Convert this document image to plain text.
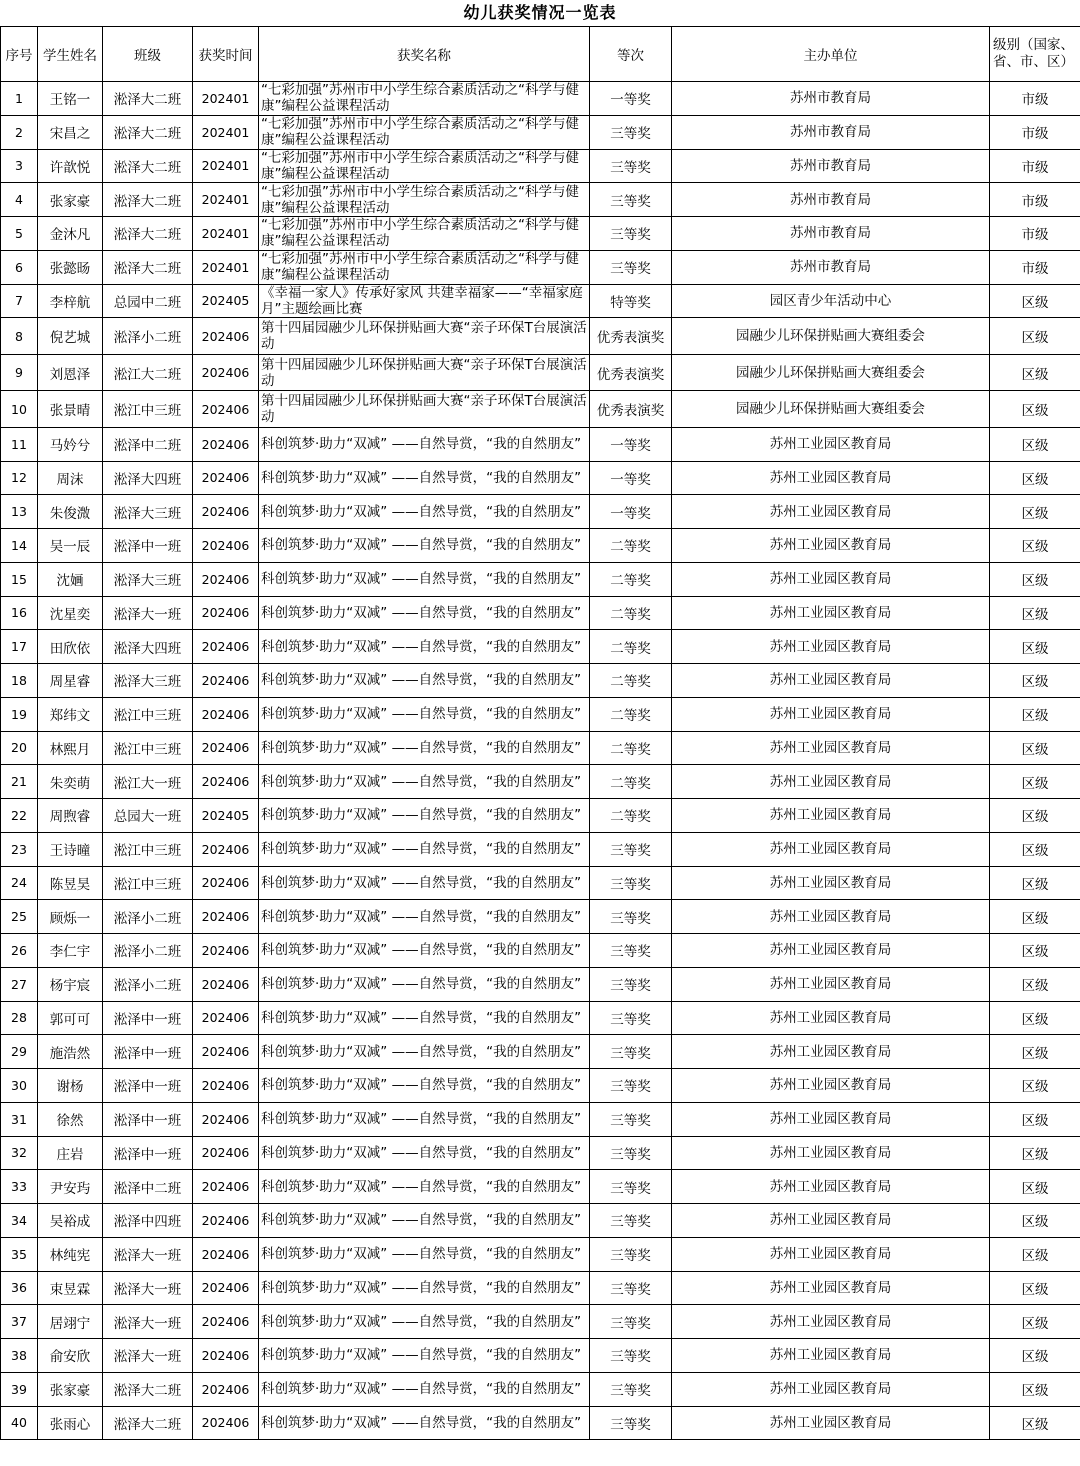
幼儿获奖情况一览表
序号	学生姓名	班级	获奖时间	获奖名称	等次	主办单位	级别（国家、省、市、区）
1	王铭一	淞泽大二班	202401	“七彩加强”苏州市中小学生综合素质活动之“科学与健康”编程公益课程活动	一等奖	苏州市教育局	市级
2	宋昌之	淞泽大二班	202401	“七彩加强”苏州市中小学生综合素质活动之“科学与健康”编程公益课程活动	三等奖	苏州市教育局	市级
3	许歆悦	淞泽大二班	202401	“七彩加强”苏州市中小学生综合素质活动之“科学与健康”编程公益课程活动	三等奖	苏州市教育局	市级
4	张家豪	淞泽大二班	202401	“七彩加强”苏州市中小学生综合素质活动之“科学与健康”编程公益课程活动	三等奖	苏州市教育局	市级
5	金沐凡	淞泽大二班	202401	“七彩加强”苏州市中小学生综合素质活动之“科学与健康”编程公益课程活动	三等奖	苏州市教育局	市级
6	张懿旸	淞泽大二班	202401	“七彩加强”苏州市中小学生综合素质活动之“科学与健康”编程公益课程活动	三等奖	苏州市教育局	市级
7	李梓航	总园中二班	202405	《幸福一家人》传承好家风 共建幸福家——“幸福家庭月”主题绘画比赛	特等奖	园区青少年活动中心	区级
8	倪艺城	淞泽小二班	202406	第十四届园融少儿环保拼贴画大赛“亲子环保T台展演活动	优秀表演奖	园融少儿环保拼贴画大赛组委会	区级
9	刘恩泽	淞江大二班	202406	第十四届园融少儿环保拼贴画大赛“亲子环保T台展演活动	优秀表演奖	园融少儿环保拼贴画大赛组委会	区级
10	张景晴	淞江中三班	202406	第十四届园融少儿环保拼贴画大赛“亲子环保T台展演活动	优秀表演奖	园融少儿环保拼贴画大赛组委会	区级
11	马妗兮	淞泽中二班	202406	科创筑梦·助力“双减” ——自然导赏，“我的自然朋友”	一等奖	苏州工业园区教育局	区级
12	周沫	淞泽大四班	202406	科创筑梦·助力“双减” ——自然导赏，“我的自然朋友”	一等奖	苏州工业园区教育局	区级
13	朱俊溦	淞泽大三班	202406	科创筑梦·助力“双减” ——自然导赏，“我的自然朋友”	一等奖	苏州工业园区教育局	区级
14	吴一辰	淞泽中一班	202406	科创筑梦·助力“双减” ——自然导赏，“我的自然朋友”	二等奖	苏州工业园区教育局	区级
15	沈婳	淞泽大三班	202406	科创筑梦·助力“双减” ——自然导赏，“我的自然朋友”	二等奖	苏州工业园区教育局	区级
16	沈星奕	淞泽大一班	202406	科创筑梦·助力“双减” ——自然导赏，“我的自然朋友”	二等奖	苏州工业园区教育局	区级
17	田欣依	淞泽大四班	202406	科创筑梦·助力“双减” ——自然导赏，“我的自然朋友”	二等奖	苏州工业园区教育局	区级
18	周星睿	淞泽大三班	202406	科创筑梦·助力“双减” ——自然导赏，“我的自然朋友”	二等奖	苏州工业园区教育局	区级
19	郑纬文	淞江中三班	202406	科创筑梦·助力“双减” ——自然导赏，“我的自然朋友”	二等奖	苏州工业园区教育局	区级
20	林熙月	淞江中三班	202406	科创筑梦·助力“双减” ——自然导赏，“我的自然朋友”	二等奖	苏州工业园区教育局	区级
21	朱奕萌	淞江大一班	202406	科创筑梦·助力“双减” ——自然导赏，“我的自然朋友”	二等奖	苏州工业园区教育局	区级
22	周煦睿	总园大一班	202405	科创筑梦·助力“双减” ——自然导赏，“我的自然朋友”	二等奖	苏州工业园区教育局	区级
23	王诗曈	淞江中三班	202406	科创筑梦·助力“双减” ——自然导赏，“我的自然朋友”	三等奖	苏州工业园区教育局	区级
24	陈昱昊	淞江中三班	202406	科创筑梦·助力“双减” ——自然导赏，“我的自然朋友”	三等奖	苏州工业园区教育局	区级
25	顾烁一	淞泽小二班	202406	科创筑梦·助力“双减” ——自然导赏，“我的自然朋友”	三等奖	苏州工业园区教育局	区级
26	李仁宇	淞泽小二班	202406	科创筑梦·助力“双减” ——自然导赏，“我的自然朋友”	三等奖	苏州工业园区教育局	区级
27	杨宇宸	淞泽小二班	202406	科创筑梦·助力“双减” ——自然导赏，“我的自然朋友”	三等奖	苏州工业园区教育局	区级
28	郭可可	淞泽中一班	202406	科创筑梦·助力“双减” ——自然导赏，“我的自然朋友”	三等奖	苏州工业园区教育局	区级
29	施浩然	淞泽中一班	202406	科创筑梦·助力“双减” ——自然导赏，“我的自然朋友”	三等奖	苏州工业园区教育局	区级
30	谢杨	淞泽中一班	202406	科创筑梦·助力“双减” ——自然导赏，“我的自然朋友”	三等奖	苏州工业园区教育局	区级
31	徐然	淞泽中一班	202406	科创筑梦·助力“双减” ——自然导赏，“我的自然朋友”	三等奖	苏州工业园区教育局	区级
32	庄岩	淞泽中一班	202406	科创筑梦·助力“双减” ——自然导赏，“我的自然朋友”	三等奖	苏州工业园区教育局	区级
33	尹安玙	淞泽中二班	202406	科创筑梦·助力“双减” ——自然导赏，“我的自然朋友”	三等奖	苏州工业园区教育局	区级
34	吴裕成	淞泽中四班	202406	科创筑梦·助力“双减” ——自然导赏，“我的自然朋友”	三等奖	苏州工业园区教育局	区级
35	林纯宪	淞泽大一班	202406	科创筑梦·助力“双减” ——自然导赏，“我的自然朋友”	三等奖	苏州工业园区教育局	区级
36	束昱霖	淞泽大一班	202406	科创筑梦·助力“双减” ——自然导赏，“我的自然朋友”	三等奖	苏州工业园区教育局	区级
37	居翊宁	淞泽大一班	202406	科创筑梦·助力“双减” ——自然导赏，“我的自然朋友”	三等奖	苏州工业园区教育局	区级
38	俞安欣	淞泽大一班	202406	科创筑梦·助力“双减” ——自然导赏，“我的自然朋友”	三等奖	苏州工业园区教育局	区级
39	张家豪	淞泽大二班	202406	科创筑梦·助力“双减” ——自然导赏，“我的自然朋友”	三等奖	苏州工业园区教育局	区级
40	张雨心	淞泽大二班	202406	科创筑梦·助力“双减” ——自然导赏，“我的自然朋友”	三等奖	苏州工业园区教育局	区级
